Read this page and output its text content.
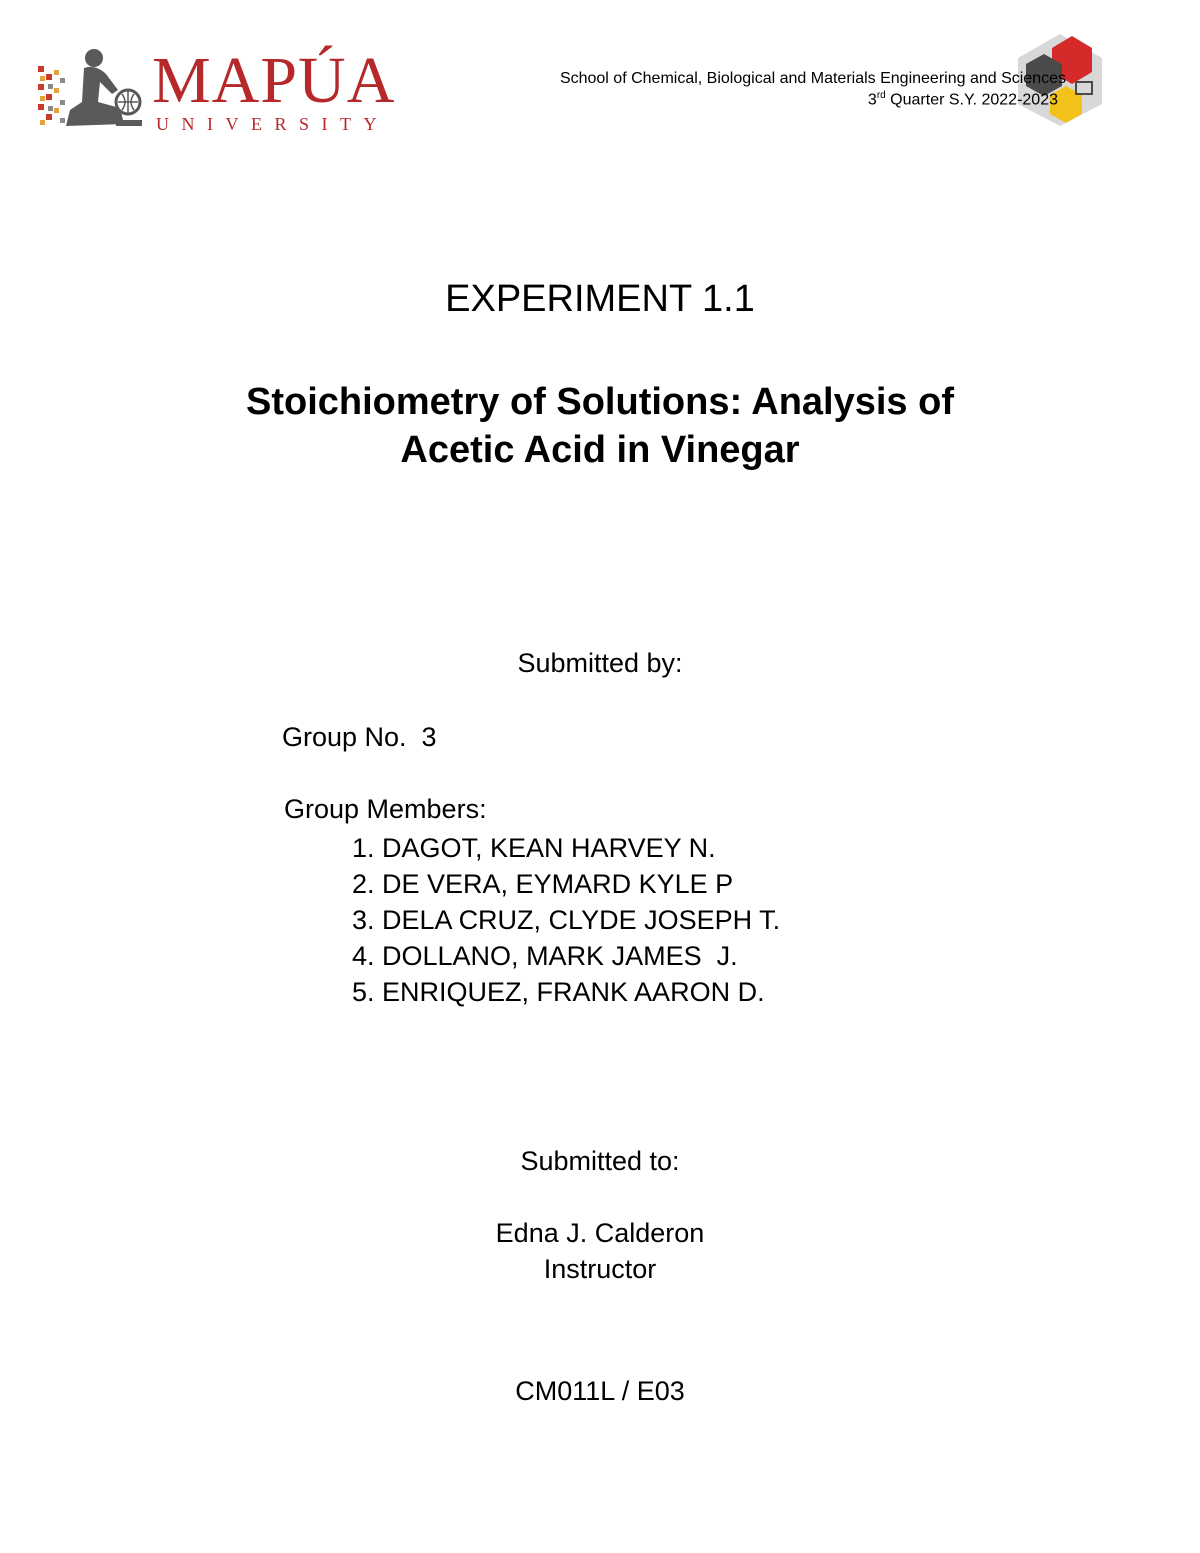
MAPÚA
UNIVERSITY
School of Chemical, Biological and Materials Engineering and Sciences
3rd Quarter S.Y. 2022-2023
EXPERIMENT 1.1
Stoichiometry of Solutions: Analysis of
Acetic Acid in Vinegar
Submitted by:
Group No.  3
Group Members:
1. DAGOT, KEAN HARVEY N.
2. DE VERA, EYMARD KYLE P
3. DELA CRUZ, CLYDE JOSEPH T.
4. DOLLANO, MARK JAMES  J.
5. ENRIQUEZ, FRANK AARON D.
Submitted to:
Edna J. Calderon
Instructor
CM011L / E03
